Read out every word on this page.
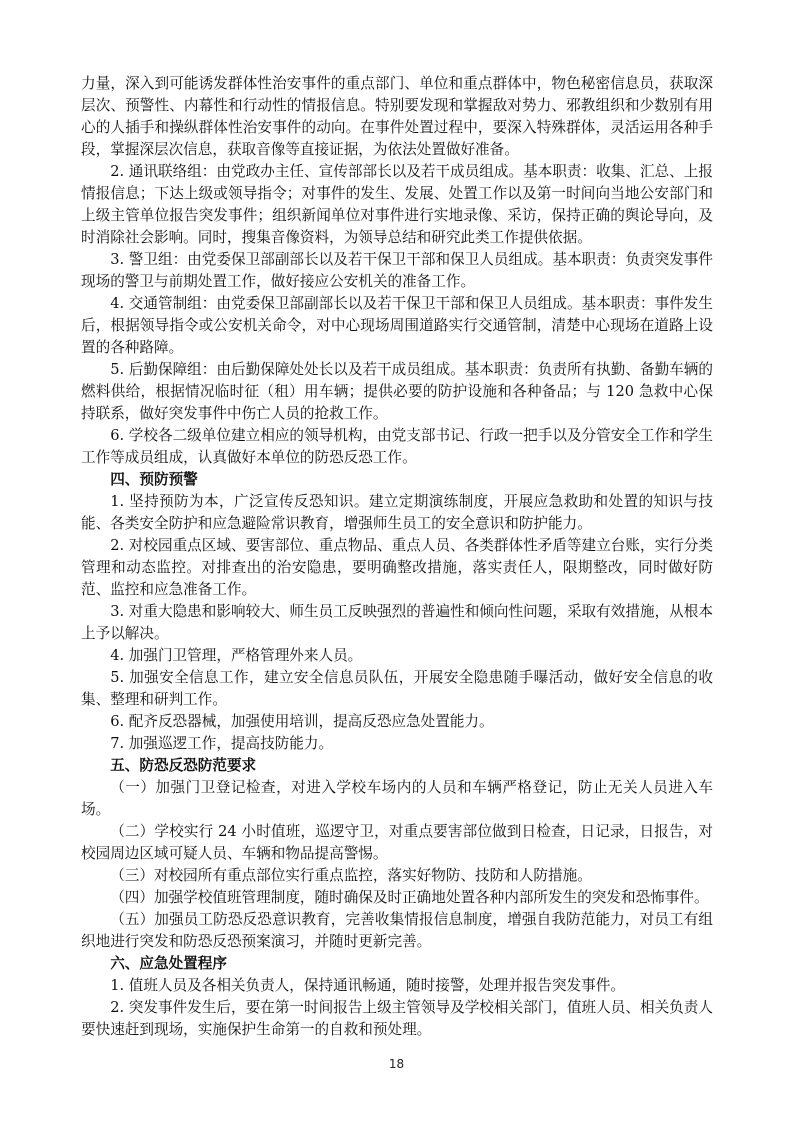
力量，深入到可能诱发群体性治安事件的重点部门、单位和重点群体中，物色秘密信息员，获取深层次、预警性、内幕性和行动性的情报信息。特别要发现和掌握敌对势力、邪教组织和少数别有用心的人插手和操纵群体性治安事件的动向。在事件处置过程中，要深入特殊群体，灵活运用各种手段，掌握深层次信息，获取音像等直接证据，为依法处置做好准备。

2. 通讯联络组：由党政办主任、宣传部部长以及若干成员组成。基本职责：收集、汇总、上报情报信息；下达上级或领导指令；对事件的发生、发展、处置工作以及第一时间向当地公安部门和上级主管单位报告突发事件；组织新闻单位对事件进行实地录像、采访，保持正确的舆论导向，及时消除社会影响。同时，搜集音像资料，为领导总结和研究此类工作提供依据。

3. 警卫组：由党委保卫部副部长以及若干保卫干部和保卫人员组成。基本职责：负责突发事件现场的警卫与前期处置工作，做好接应公安机关的准备工作。

4. 交通管制组：由党委保卫部副部长以及若干保卫干部和保卫人员组成。基本职责：事件发生后，根据领导指令或公安机关命令，对中心现场周围道路实行交通管制，清楚中心现场在道路上设置的各种路障。

5. 后勤保障组：由后勤保障处处长以及若干成员组成。基本职责：负责所有执勤、备勤车辆的燃料供给，根据情况临时征（租）用车辆；提供必要的防护设施和各种备品；与 120 急救中心保持联系，做好突发事件中伤亡人员的抢救工作。

6. 学校各二级单位建立相应的领导机构，由党支部书记、行政一把手以及分管安全工作和学生工作等成员组成，认真做好本单位的防恐反恐工作。

四、预防预警

1. 坚持预防为本，广泛宣传反恐知识。建立定期演练制度，开展应急救助和处置的知识与技能、各类安全防护和应急避险常识教育，增强师生员工的安全意识和防护能力。

2. 对校园重点区域、要害部位、重点物品、重点人员、各类群体性矛盾等建立台账，实行分类管理和动态监控。对排查出的治安隐患，要明确整改措施，落实责任人，限期整改，同时做好防范、监控和应急准备工作。

3. 对重大隐患和影响较大、师生员工反映强烈的普遍性和倾向性问题，采取有效措施，从根本上予以解决。

4. 加强门卫管理，严格管理外来人员。

5. 加强安全信息工作，建立安全信息员队伍，开展安全隐患随手曝活动，做好安全信息的收集、整理和研判工作。

6. 配齐反恐器械，加强使用培训，提高反恐应急处置能力。

7. 加强巡逻工作，提高技防能力。

五、防恐反恐防范要求

（一）加强门卫登记检查，对进入学校车场内的人员和车辆严格登记，防止无关人员进入车场。

（二）学校实行 24 小时值班，巡逻守卫，对重点要害部位做到日检查，日记录，日报告，对校园周边区域可疑人员、车辆和物品提高警惕。

（三）对校园所有重点部位实行重点监控，落实好物防、技防和人防措施。

（四）加强学校值班管理制度，随时确保及时正确地处置各种内部所发生的突发和恐怖事件。

（五）加强员工防恐反恐意识教育，完善收集情报信息制度，增强自我防范能力，对员工有组织地进行突发和防恐反恐预案演习，并随时更新完善。

六、应急处置程序

1. 值班人员及各相关负责人，保持通讯畅通，随时接警，处理并报告突发事件。

2. 突发事件发生后，要在第一时间报告上级主管领导及学校相关部门，值班人员、相关负责人要快速赶到现场，实施保护生命第一的自救和预处理。

18
